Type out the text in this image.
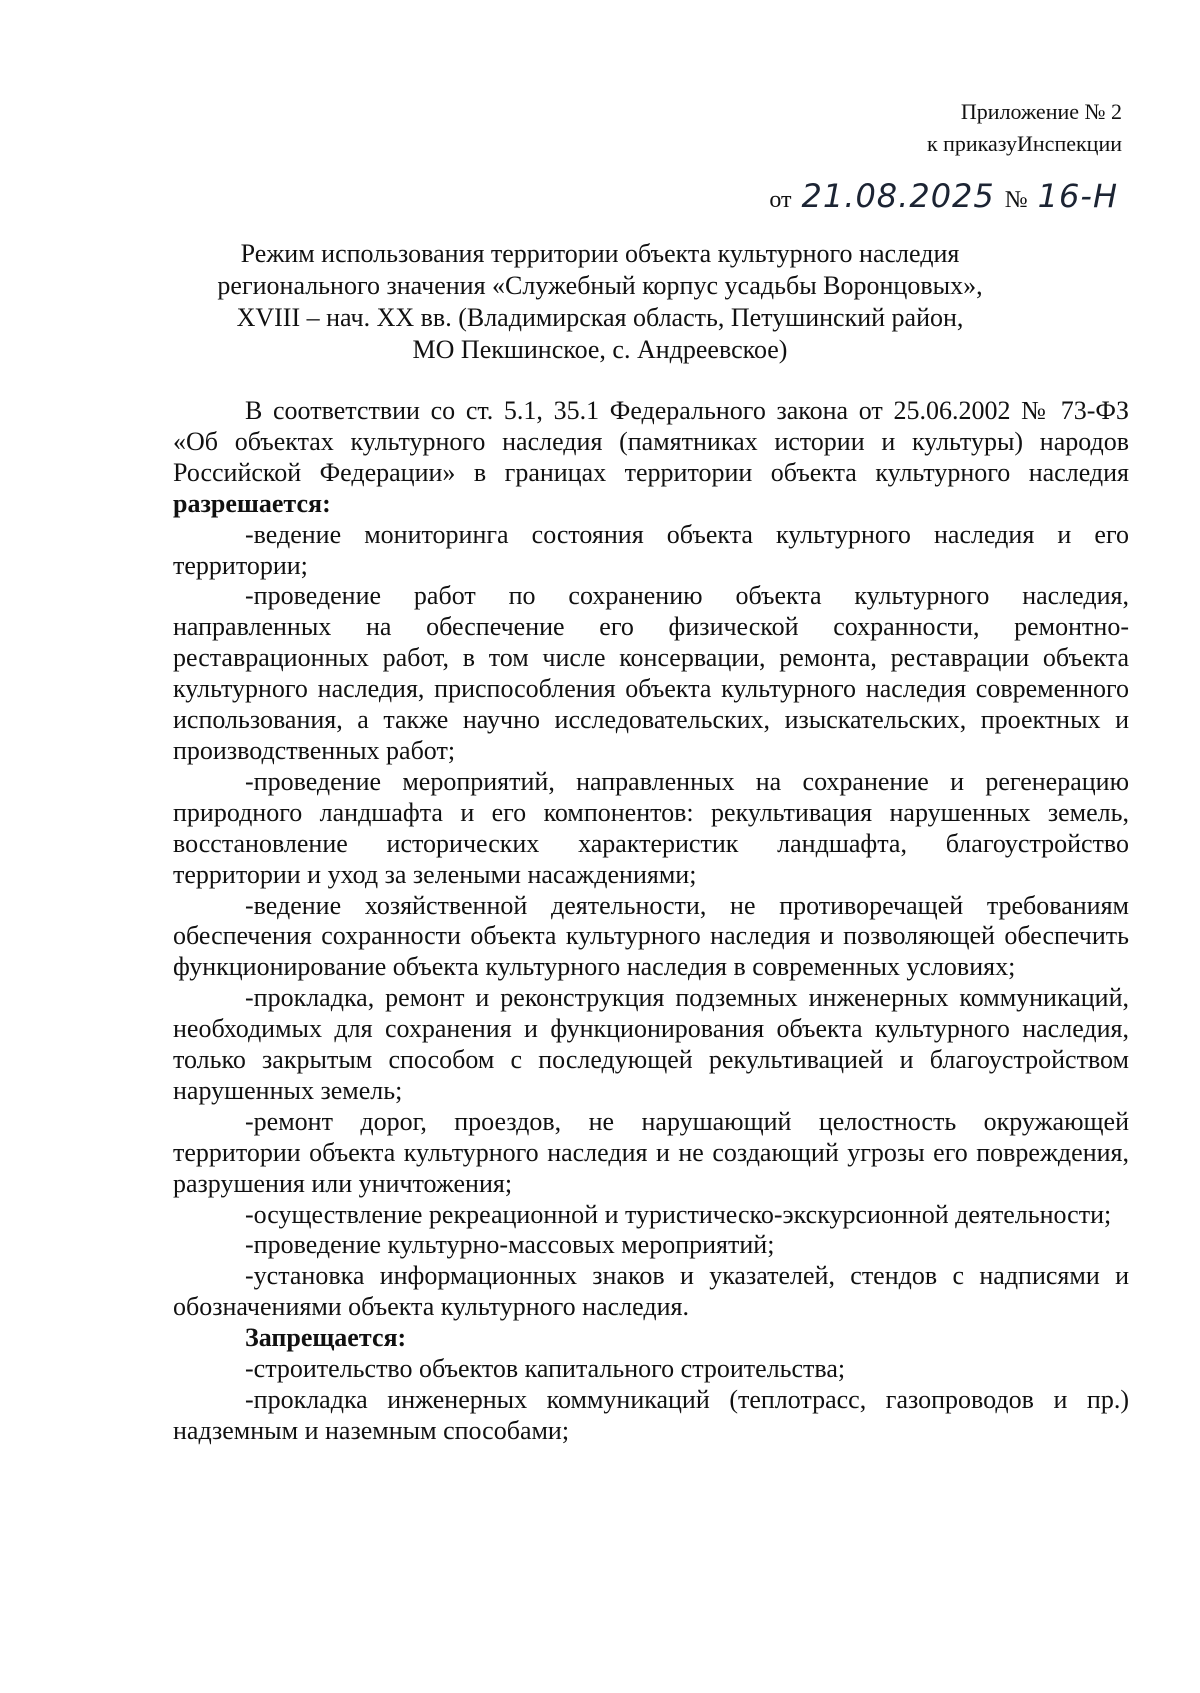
Приложение № 2
к приказуИнспекции
от 21.08.2025 № 16-Н
Режим использования территории объекта культурного наследия
регионального значения «Служебный корпус усадьбы Воронцовых»,
XVIII – нач. XX вв. (Владимирская область, Петушинский район,
МО Пекшинское, с. Андреевское)

В соответствии со ст. 5.1, 35.1 Федерального закона от 25.06.2002 № 73-ФЗ «Об объектах культурного наследия (памятниках истории и культуры) народов Российской Федерации» в границах территории объекта культурного наследия разрешается:

-ведение мониторинга состояния объекта культурного наследия и его территории;

-проведение работ по сохранению объекта культурного наследия, направленных на обеспечение его физической сохранности, ремонтно-реставрационных работ, в том числе консервации, ремонта, реставрации объекта культурного наследия, приспособления объекта культурного наследия современного использования, а также научно исследовательских, изыскательских, проектных и производственных работ;

-проведение мероприятий, направленных на сохранение и регенерацию природного ландшафта и его компонентов: рекультивация нарушенных земель, восстановление исторических характеристик ландшафта, благоустройство территории и уход за зелеными насаждениями;

-ведение хозяйственной деятельности, не противоречащей требованиям обеспечения сохранности объекта культурного наследия и позволяющей обеспечить функционирование объекта культурного наследия в современных условиях;

-прокладка, ремонт и реконструкция подземных инженерных коммуникаций, необходимых для сохранения и функционирования объекта культурного наследия, только закрытым способом с последующей рекультивацией и благоустройством нарушенных земель;

-ремонт дорог, проездов, не нарушающий целостность окружающей территории объекта культурного наследия и не создающий угрозы его повреждения, разрушения или уничтожения;

-осуществление рекреационной и туристическо-экскурсионной деятельности;

-проведение культурно-массовых мероприятий;

-установка информационных знаков и указателей, стендов с надписями и обозначениями объекта культурного наследия.

Запрещается:

-строительство объектов капитального строительства;

-прокладка инженерных коммуникаций (теплотрасс, газопроводов и пр.) надземным и наземным способами;
